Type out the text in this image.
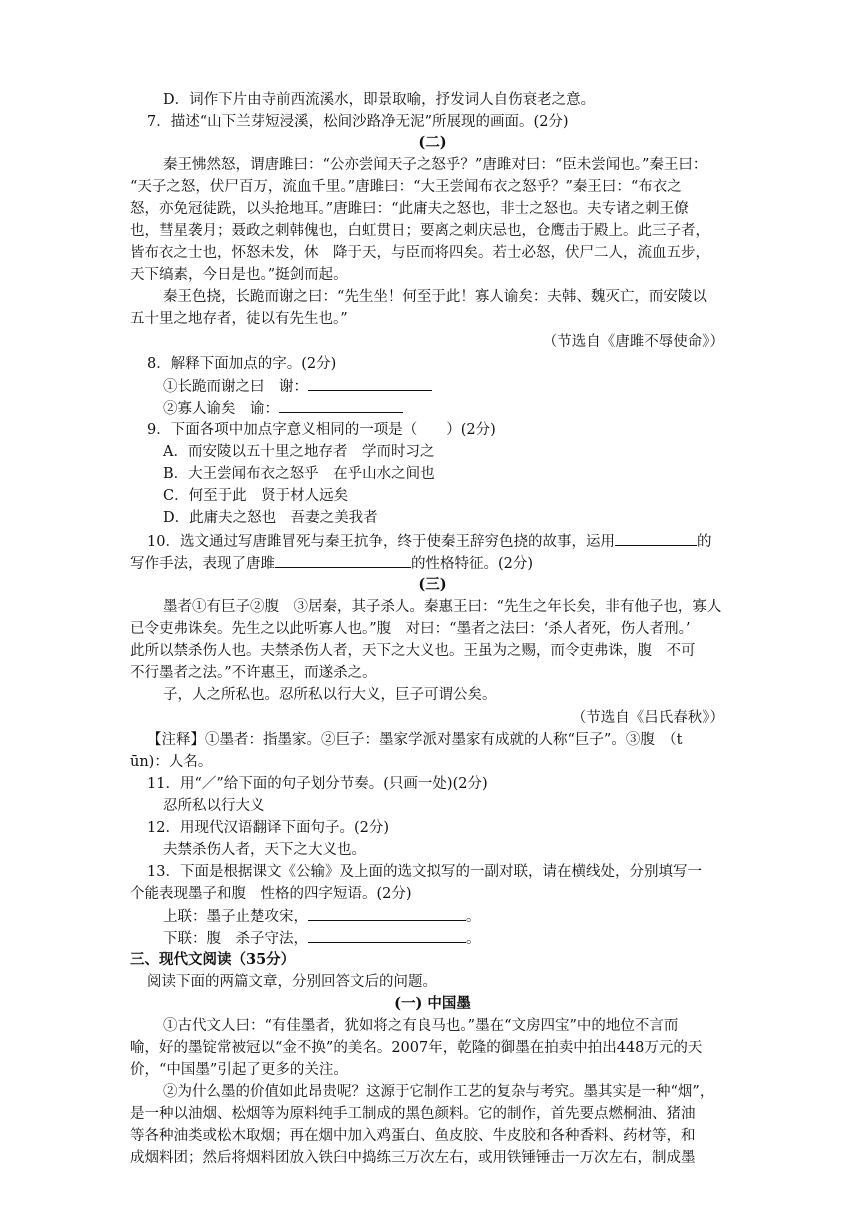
D．词作下片由寺前西流溪水，即景取喻，抒发词人自伤衰老之意。
7．描述“山下兰芽短浸溪，松间沙路净无泥”所展现的画面。(2分)
(二)
秦王怫然怒，谓唐雎曰：“公亦尝闻天子之怒乎？”唐雎对曰：“臣未尝闻也。”秦王曰：
“天子之怒，伏尸百万，流血千里。”唐雎曰：“大王尝闻布衣之怒乎？”秦王曰：“布衣之
怒，亦免冠徒跣，以头抢地耳。”唐雎曰：“此庸夫之怒也，非士之怒也。夫专诸之刺王僚
也，彗星袭月；聂政之刺韩傀也，白虹贯日；要离之刺庆忌也，仓鹰击于殿上。此三子者，
皆布衣之士也，怀怒未发，休　降于天，与臣而将四矣。若士必怒，伏尸二人，流血五步，
天下缟素，今日是也。”挺剑而起。
秦王色挠，长跪而谢之曰：“先生坐！何至于此！寡人谕矣：夫韩、魏灭亡，而安陵以
五十里之地存者，徒以有先生也。”
（节选自《唐雎不辱使命》）
8．解释下面加点的字。(2分)
①长跪而谢之曰　谢：
②寡人谕矣　谕：
9．下面各项中加点字意义相同的一项是（　　）(2分)
A．而安陵以五十里之地存者　学而时习之
B．大王尝闻布衣之怒乎　在乎山水之间也
C．何至于此　贤于材人远矣
D．此庸夫之怒也　吾妻之美我者
10．选文通过写唐雎冒死与秦王抗争，终于使秦王辞穷色挠的故事，运用	的
写作手法，表现了唐雎	的性格特征。(2分)
(三)
墨者①有巨子②腹　③居秦，其子杀人。秦惠王曰：“先生之年长矣，非有他子也，寡人
已令吏弗诛矣。先生之以此听寡人也。”腹　对曰：“墨者之法曰：‘杀人者死，伤人者刑。’
此所以禁杀伤人也。夫禁杀伤人者，天下之大义也。王虽为之赐，而令吏弗诛，腹　不可
不行墨者之法。”不许惠王，而遂杀之。
子，人之所私也。忍所私以行大义，巨子可谓公矣。
（节选自《吕氏春秋》）
【注释】①墨者：指墨家。②巨子：墨家学派对墨家有成就的人称“巨子”。③腹　（t
ūn)：人名。
11．用“／”给下面的句子划分节奏。(只画一处)(2分)
忍所私以行大义
12．用现代汉语翻译下面句子。(2分)
夫禁杀伤人者，天下之大义也。
13．下面是根据课文《公输》及上面的选文拟写的一副对联，请在横线处，分别填写一
个能表现墨子和腹　性格的四字短语。(2分)
上联：墨子止楚攻宋，	。
下联：腹　杀子守法，	。
三、现代文阅读（35分）
阅读下面的两篇文章，分别回答文后的问题。
(一) 中国墨
①古代文人曰：“有佳墨者，犹如将之有良马也。”墨在“文房四宝”中的地位不言而
喻，好的墨锭常被冠以“金不换”的美名。2007年，乾隆的御墨在拍卖中拍出448万元的天
价，“中国墨”引起了更多的关注。
②为什么墨的价值如此昂贵呢？这源于它制作工艺的复杂与考究。墨其实是一种“烟”，
是一种以油烟、松烟等为原料纯手工制成的黑色颜料。它的制作，首先要点燃桐油、猪油
等各种油类或松木取烟；再在烟中加入鸡蛋白、鱼皮胶、牛皮胶和各种香料、药材等，和
成烟料团；然后将烟料团放入铁臼中捣练三万次左右，或用铁锤锤击一万次左右，制成墨
